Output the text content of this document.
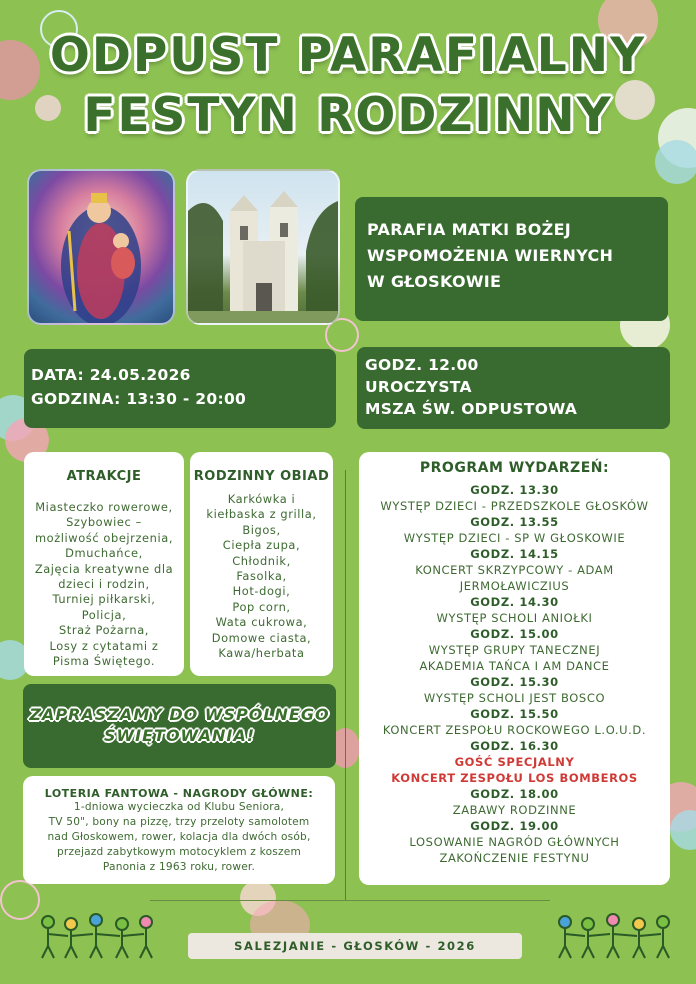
ODPUST PARAFIALNY
FESTYN RODZINNY
PARAFIA MATKI BOŻEJ
WSPOMOŻENIA WIERNYCH
W GŁOSKOWIE
DATA: 24.05.2026
GODZINA: 13:30 - 20:00
GODZ. 12.00
UROCZYSTA
MSZA ŚW. ODPUSTOWA
ATRAKCJE
Miasteczko rowerowe,
Szybowiec –
możliwość obejrzenia,
Dmuchańce,
Zajęcia kreatywne dla
dzieci i rodzin,
Turniej piłkarski,
Policja,
Straż Pożarna,
Losy z cytatami z
Pisma Świętego.
RODZINNY OBIAD
Karkówka i
kiełbaska z grilla,
Bigos,
Ciepła zupa,
Chłodnik,
Fasolka,
Hot-dogi,
Pop corn,
Wata cukrowa,
Domowe ciasta,
Kawa/herbata
ZAPRASZAMY DO WSPÓLNEGO
ŚWIĘTOWANIA!
LOTERIA FANTOWA - NAGRODY GŁÓWNE:
1-dniowa wycieczka od Klubu Seniora,
TV 50", bony na pizzę, trzy przeloty samolotem
nad Głoskowem, rower, kolacja dla dwóch osób,
przejazd zabytkowym motocyklem z koszem
Panonia z 1963 roku, rower.
PROGRAM WYDARZEŃ:
GODZ. 13.30
WYSTĘP DZIECI - PRZEDSZKOLE GŁOSKÓW
GODZ. 13.55
WYSTĘP DZIECI - SP W GŁOSKOWIE
GODZ. 14.15
KONCERT SKRZYPCOWY - ADAM
JERMOŁAWICZIUS
GODZ. 14.30
WYSTĘP SCHOLI ANIOŁKI
GODZ. 15.00
WYSTĘP GRUPY TANECZNEJ
AKADEMIA TAŃCA I AM DANCE
GODZ. 15.30
WYSTĘP SCHOLI JEST BOSCO
GODZ. 15.50
KONCERT ZESPOŁU ROCKOWEGO L.O.U.D.
GODZ. 16.30
GOŚĆ SPECJALNY
KONCERT ZESPOŁU LOS BOMBEROS
GODZ. 18.00
ZABAWY RODZINNE
GODZ. 19.00
LOSOWANIE NAGRÓD GŁÓWNYCH
ZAKOŃCZENIE FESTYNU
SALEZJANIE - GŁOSKÓW - 2026
